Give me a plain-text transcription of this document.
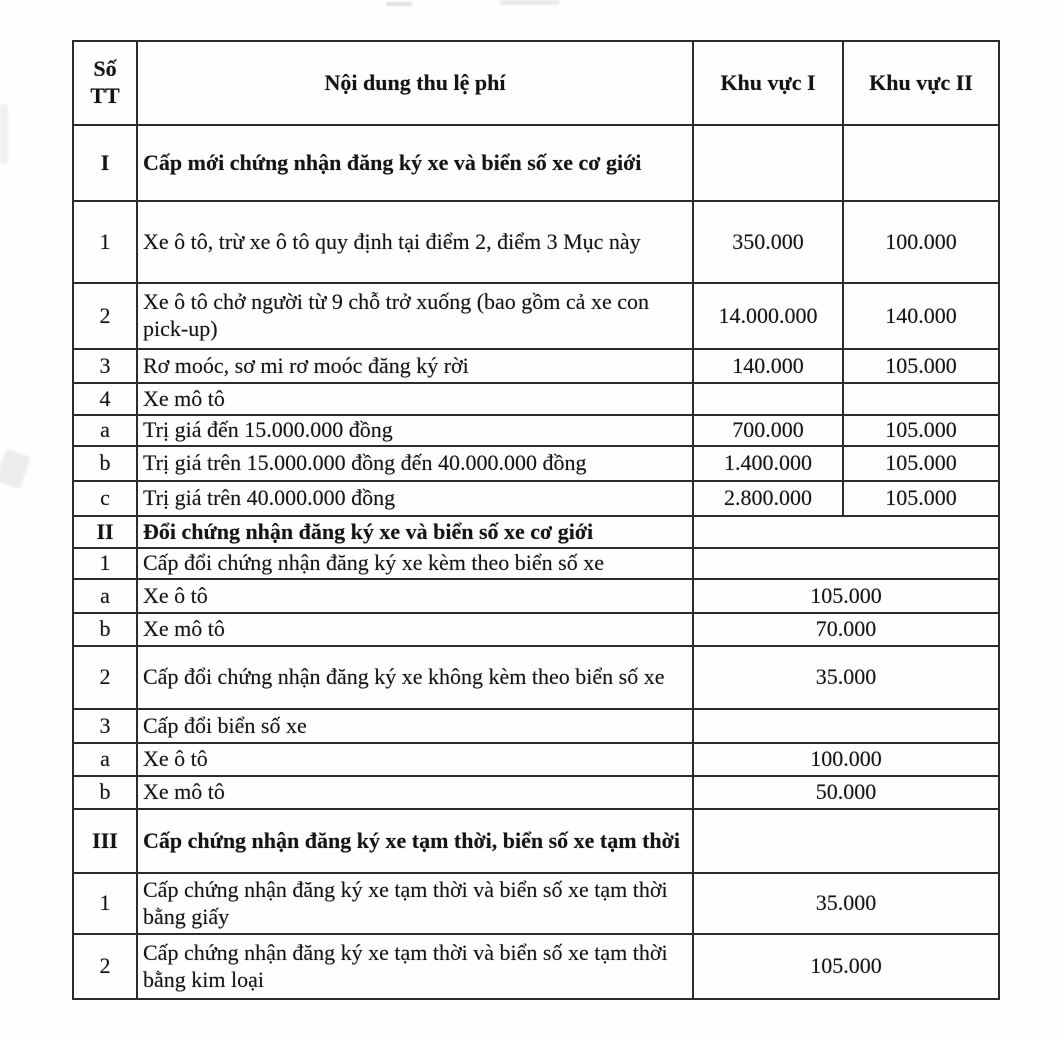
Số TT	Nội dung thu lệ phí	Khu vực I	Khu vực II
I	Cấp mới chứng nhận đăng ký xe và biển số xe cơ giới		
1	Xe ô tô, trừ xe ô tô quy định tại điểm 2, điểm 3 Mục này	350.000	100.000
2	Xe ô tô chở người từ 9 chỗ trở xuống (bao gồm cả xe con pick-up)	14.000.000	140.000
3	Rơ moóc, sơ mi rơ moóc đăng ký rời	140.000	105.000
4	Xe mô tô		
a	Trị giá đến 15.000.000 đồng	700.000	105.000
b	Trị giá trên 15.000.000 đồng đến 40.000.000 đồng	1.400.000	105.000
c	Trị giá trên 40.000.000 đồng	2.800.000	105.000
II	Đổi chứng nhận đăng ký xe và biển số xe cơ giới		
1	Cấp đổi chứng nhận đăng ký xe kèm theo biển số xe		
a	Xe ô tô	105.000	
b	Xe mô tô	70.000	
2	Cấp đổi chứng nhận đăng ký xe không kèm theo biển số xe	35.000	
3	Cấp đổi biển số xe		
a	Xe ô tô	100.000	
b	Xe mô tô	50.000	
III	Cấp chứng nhận đăng ký xe tạm thời, biển số xe tạm thời		
1	Cấp chứng nhận đăng ký xe tạm thời và biển số xe tạm thời bằng giấy	35.000	
2	Cấp chứng nhận đăng ký xe tạm thời và biển số xe tạm thời bằng kim loại	105.000	
